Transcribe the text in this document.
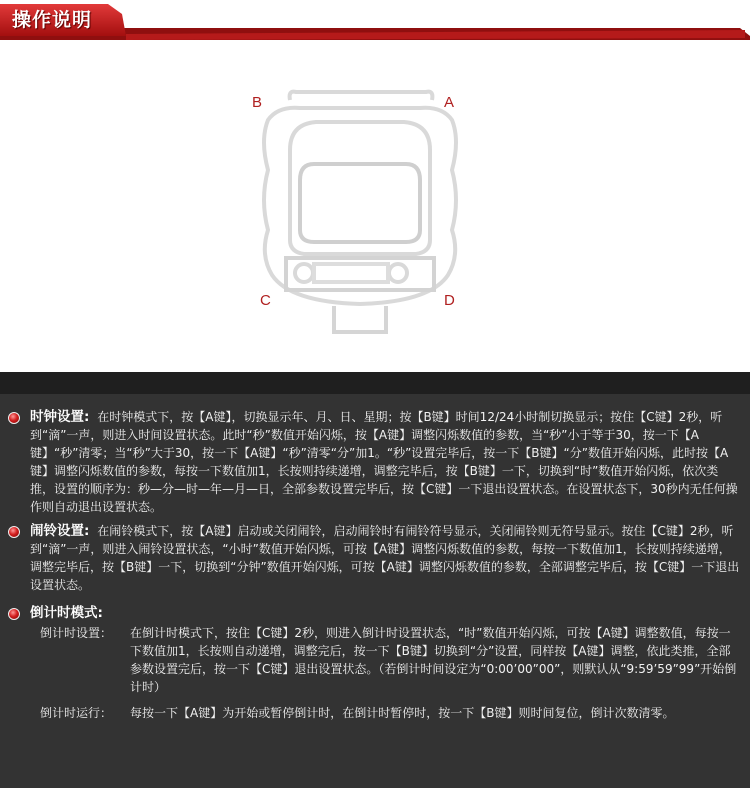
操作说明
B	A
C	D
时钟设置: 在时钟模式下，按【A键】，切换显示年、月、日、星期；按【B键】时间12/24小时制切换显示；按住【C键】2秒，听到“滴”一声，则进入时间设置状态。此时“秒”数值开始闪烁，按【A键】调整闪烁数值的参数，当“秒”小于等于30，按一下【A键】“秒”清零；当“秒”大于30，按一下【A键】“秒”清零“分”加1。“秒”设置完毕后，按一下【B键】“分”数值开始闪烁，此时按【A键】调整闪烁数值的参数，每按一下数值加1，长按则持续递增，调整完毕后，按【B键】一下，切换到“时”数值开始闪烁，依次类推，设置的顺序为：秒—分—时—年—月—日，全部参数设置完毕后，按【C键】一下退出设置状态。在设置状态下，30秒内无任何操作则自动退出设置状态。
闹铃设置: 在闹铃模式下，按【A键】启动或关闭闹铃，启动闹铃时有闹铃符号显示，关闭闹铃则无符号显示。按住【C键】2秒，听到“滴”一声，则进入闹铃设置状态，“小时”数值开始闪烁，可按【A键】调整闪烁数值的参数，每按一下数值加1，长按则持续递增，调整完毕后，按【B键】一下，切换到“分钟”数值开始闪烁，可按【A键】调整闪烁数值的参数，全部调整完毕后，按【C键】一下退出设置状态。
倒计时模式:
倒计时设置：	在倒计时模式下，按住【C键】2秒，则进入倒计时设置状态，“时”数值开始闪烁，可按【A键】调整数值，每按一下数值加1，长按则自动递增，调整完后，按一下【B键】切换到“分”设置，同样按【A键】调整，依此类推，全部参数设置完后，按一下【C键】退出设置状态。（若倒计时间设定为“0:00’00”00”，则默认从“9:59’59”99”开始倒计时）
倒计时运行：	每按一下【A键】为开始或暂停倒计时，在倒计时暂停时，按一下【B键】则时间复位，倒计次数清零。
